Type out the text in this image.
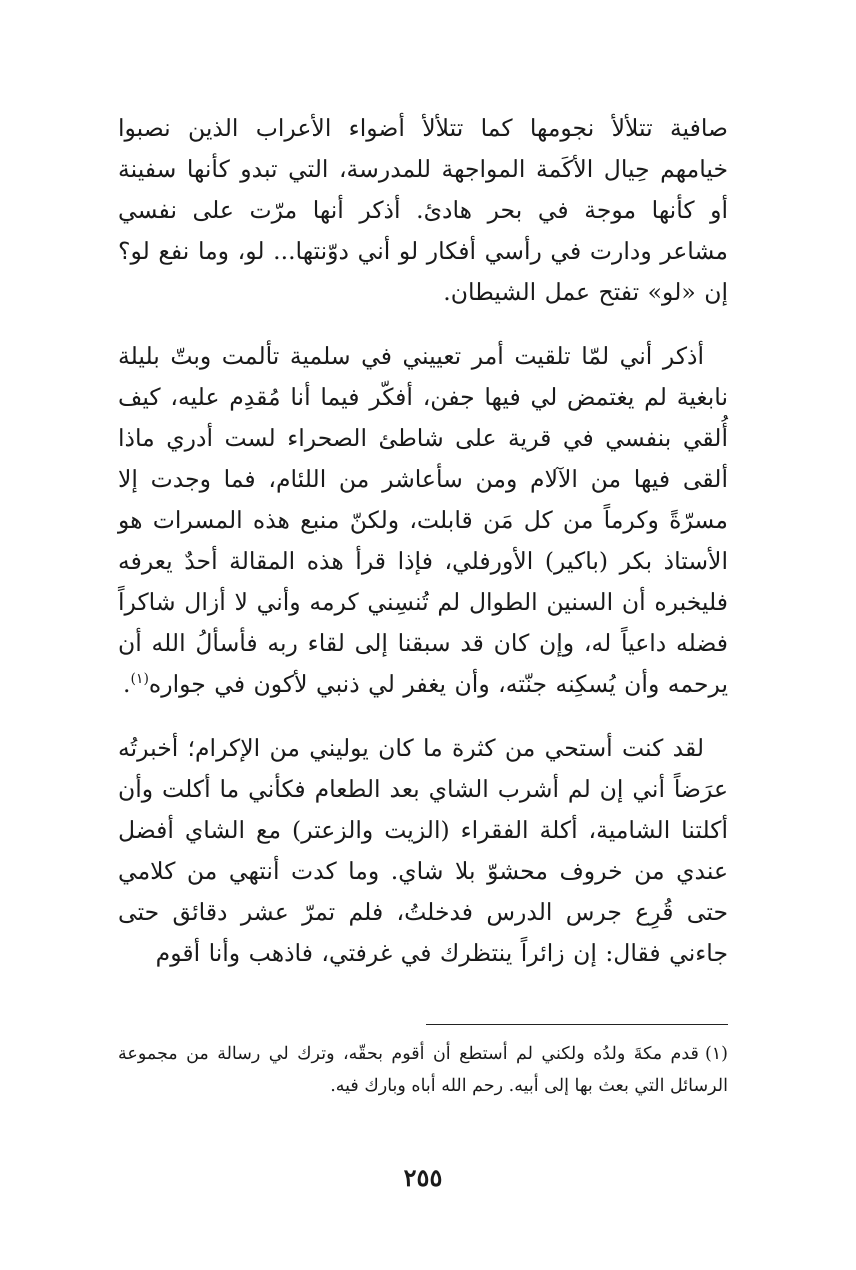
صافية تتلألأ نجومها كما تتلألأ أضواء الأعراب الذين نصبوا خيامهم حِيال الأكَمة المواجهة للمدرسة، التي تبدو كأنها سفينة أو كأنها موجة في بحر هادئ. أذكر أنها مرّت على نفسي مشاعر ودارت في رأسي أفكار لو أني دوّنتها... لو، وما نفع لو؟ إن «لو» تفتح عمل الشيطان.

أذكر أني لمّا تلقيت أمر تعييني في سلمية تألمت وبتّ بليلة نابغية لم يغتمض لي فيها جفن، أفكّر فيما أنا مُقدِم عليه، كيف أُلقي بنفسي في قرية على شاطئ الصحراء لست أدري ماذا ألقى فيها من الآلام ومن سأعاشر من اللئام، فما وجدت إلا مسرّةً وكرماً من كل مَن قابلت، ولكنّ منبع هذه المسرات هو الأستاذ بكر (باكير) الأورفلي، فإذا قرأ هذه المقالة أحدٌ يعرفه فليخبره أن السنين الطوال لم تُنسِني كرمه وأني لا أزال شاكراً فضله داعياً له، وإن كان قد سبقنا إلى لقاء ربه فأسألُ الله أن يرحمه وأن يُسكِنه جنّته، وأن يغفر لي ذنبي لأكون في جواره$^{(١)}$.

لقد كنت أستحي من كثرة ما كان يوليني من الإكرام؛ أخبرتُه عرَضاً أني إن لم أشرب الشاي بعد الطعام فكأني ما أكلت وأن أكلتنا الشامية، أكلة الفقراء (الزيت والزعتر) مع الشاي أفضل عندي من خروف محشوّ بلا شاي. وما كدت أنتهي من كلامي حتى قُرِع جرس الدرس فدخلتُ، فلم تمرّ عشر دقائق حتى جاءني فقال: إن زائراً ينتظرك في غرفتي، فاذهب وأنا أقوم

(١)قدم مكةَ ولدُه ولكني لم أستطع أن أقوم بحقّه، وترك لي رسالة من مجموعة الرسائل التي بعث بها إلى أبيه. رحم الله أباه وبارك فيه.

٢٥٥
